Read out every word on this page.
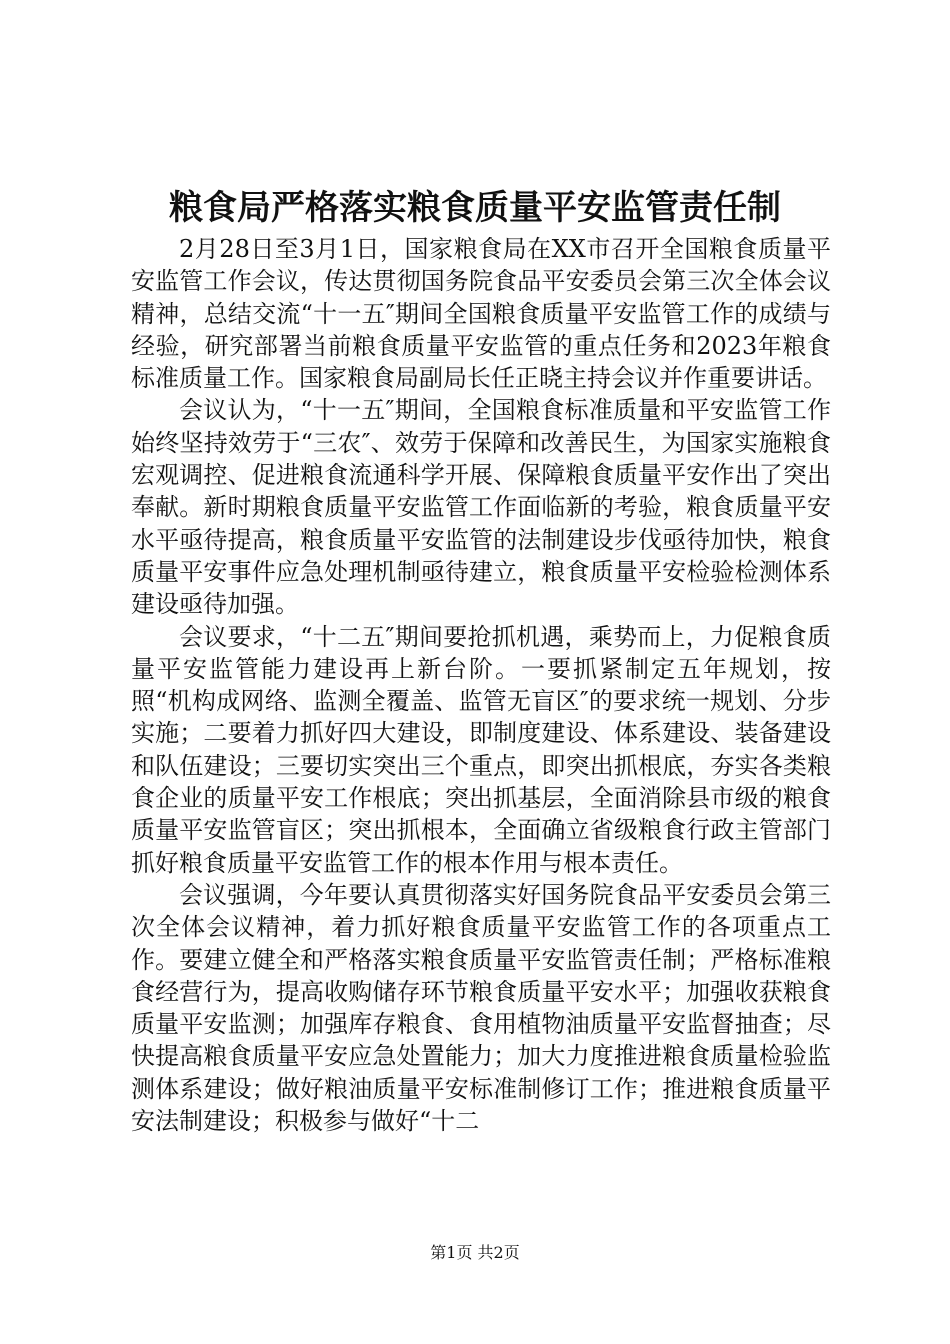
粮食局严格落实粮食质量平安监管责任制

2月28日至3月1日，国家粮食局在XX市召开全国粮食质量平安监管工作会议，传达贯彻国务院食品平安委员会第三次全体会议精神，总结交流“十一五″期间全国粮食质量平安监管工作的成绩与经验，研究部署当前粮食质量平安监管的重点任务和2023年粮食标准质量工作。国家粮食局副局长任正晓主持会议并作重要讲话。

会议认为，“十一五″期间，全国粮食标准质量和平安监管工作始终坚持效劳于“三农″、效劳于保障和改善民生，为国家实施粮食宏观调控、促进粮食流通科学开展、保障粮食质量平安作出了突出奉献。新时期粮食质量平安监管工作面临新的考验，粮食质量平安水平亟待提高，粮食质量平安监管的法制建设步伐亟待加快，粮食质量平安事件应急处理机制亟待建立，粮食质量平安检验检测体系建设亟待加强。

会议要求，“十二五″期间要抢抓机遇，乘势而上，力促粮食质量平安监管能力建设再上新台阶。一要抓紧制定五年规划，按照“机构成网络、监测全覆盖、监管无盲区″的要求统一规划、分步实施；二要着力抓好四大建设，即制度建设、体系建设、装备建设和队伍建设；三要切实突出三个重点，即突出抓根底，夯实各类粮食企业的质量平安工作根底；突出抓基层，全面消除县市级的粮食质量平安监管盲区；突出抓根本，全面确立省级粮食行政主管部门抓好粮食质量平安监管工作的根本作用与根本责任。

会议强调，今年要认真贯彻落实好国务院食品平安委员会第三次全体会议精神，着力抓好粮食质量平安监管工作的各项重点工作。要建立健全和严格落实粮食质量平安监管责任制；严格标准粮食经营行为，提高收购储存环节粮食质量平安水平；加强收获粮食质量平安监测；加强库存粮食、食用植物油质量平安监督抽查；尽快提高粮食质量平安应急处置能力；加大力度推进粮食质量检验监测体系建设；做好粮油质量平安标准制修订工作；推进粮食质量平安法制建设；积极参与做好“十二

第1页 共2页
